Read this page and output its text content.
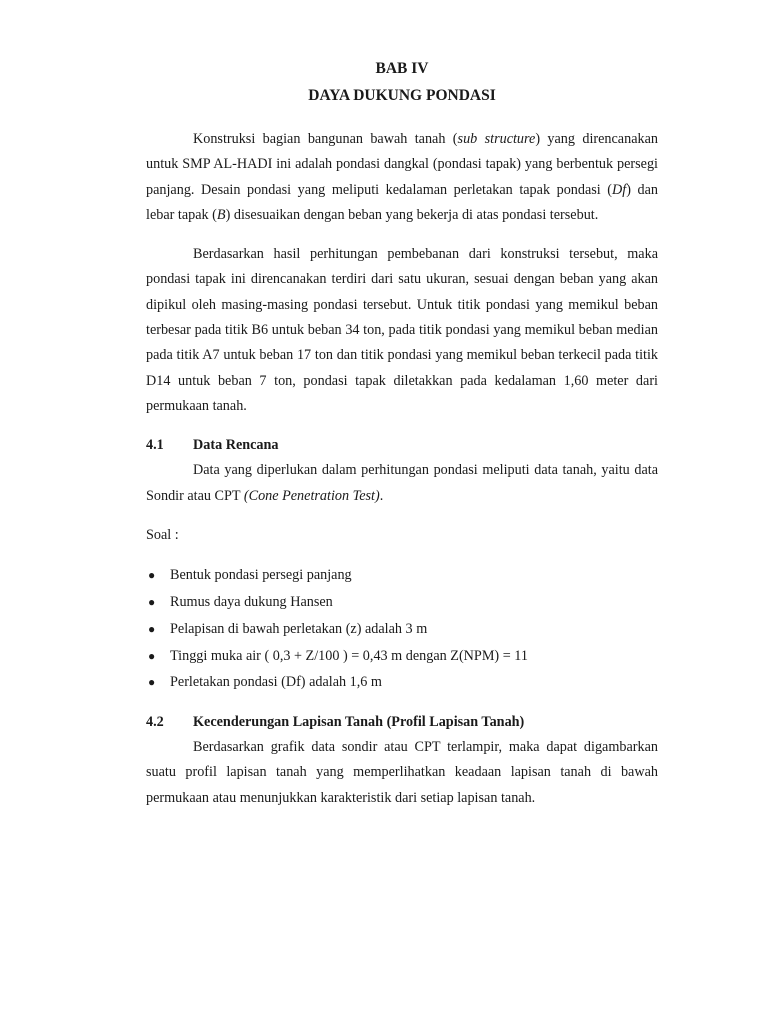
BAB IV
DAYA DUKUNG PONDASI

Konstruksi bagian bangunan bawah tanah (sub structure) yang direncanakan untuk SMP AL-HADI ini adalah pondasi dangkal (pondasi tapak) yang berbentuk persegi panjang. Desain pondasi yang meliputi kedalaman perletakan tapak pondasi (Df) dan lebar tapak (B) disesuaikan dengan beban yang bekerja di atas pondasi tersebut.

Berdasarkan hasil perhitungan pembebanan dari konstruksi tersebut, maka pondasi tapak ini direncanakan terdiri dari satu ukuran, sesuai dengan beban yang akan dipikul oleh masing-masing pondasi tersebut. Untuk titik pondasi yang memikul beban terbesar pada titik B6 untuk beban 34 ton, pada titik pondasi yang memikul beban median pada titik A7 untuk beban 17 ton dan titik pondasi yang memikul beban terkecil pada titik D14 untuk beban 7 ton, pondasi tapak diletakkan pada kedalaman 1,60 meter dari permukaan tanah.

4.1	Data Rencana

Data yang diperlukan dalam perhitungan pondasi meliputi data tanah, yaitu data Sondir atau CPT (Cone Penetration Test).

Soal :

●	Bentuk pondasi persegi panjang
●	Rumus daya dukung Hansen
●	Pelapisan di bawah perletakan (z) adalah 3 m
●	Tinggi muka air ( 0,3 + Z/100 ) = 0,43 m dengan Z(NPM) = 11
●	Perletakan pondasi (Df) adalah 1,6 m
4.2	Kecenderungan Lapisan Tanah (Profil Lapisan Tanah)

Berdasarkan grafik data sondir atau CPT terlampir, maka dapat digambarkan suatu profil lapisan tanah yang memperlihatkan keadaan lapisan tanah di bawah permukaan atau menunjukkan karakteristik dari setiap lapisan tanah.
